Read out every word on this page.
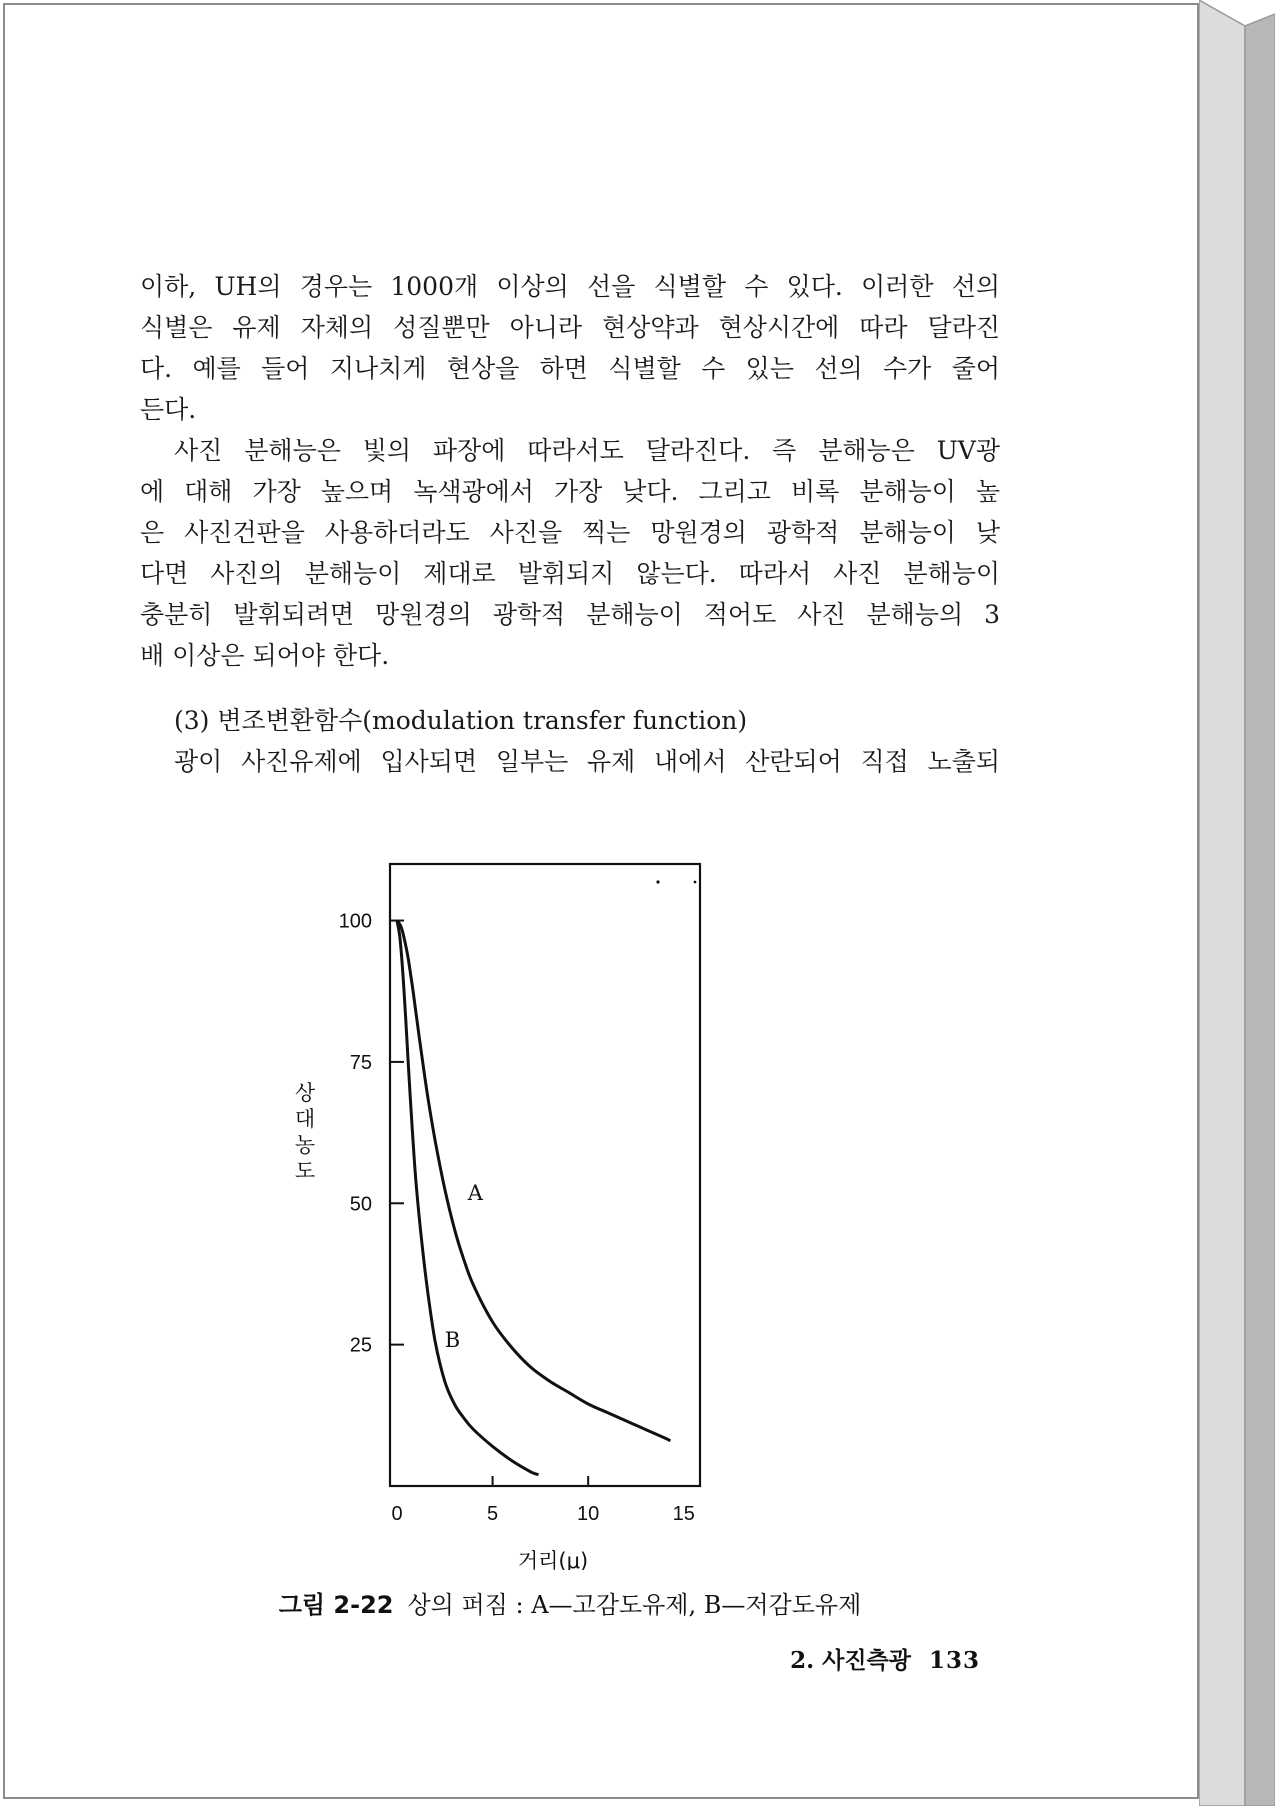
이하, UH의 경우는 1000개 이상의 선을 식별할 수 있다. 이러한 선의
식별은 유제 자체의 성질뿐만 아니라 현상약과 현상시간에 따라 달라진
다. 예를 들어 지나치게 현상을 하면 식별할 수 있는 선의 수가 줄어
든다.
사진 분해능은 빛의 파장에 따라서도 달라진다. 즉 분해능은 UV광
에 대해 가장 높으며 녹색광에서 가장 낮다. 그리고 비록 분해능이 높
은 사진건판을 사용하더라도 사진을 찍는 망원경의 광학적 분해능이 낮
다면 사진의 분해능이 제대로 발휘되지 않는다. 따라서 사진 분해능이
충분히 발휘되려면 망원경의 광학적 분해능이 적어도 사진 분해능의 3
배 이상은 되어야 한다.
(3) 변조변환함수(modulation transfer function)
광이 사진유제에 입사되면 일부는 유제 내에서 산란되어 직접 노출되
25
50
75
100
0	5	10	15
A
B
상
대
농
도
거리(μ)
그림 2-22 상의 퍼짐 : A—고감도유제, B—저감도유제
2. 사진측광 133
